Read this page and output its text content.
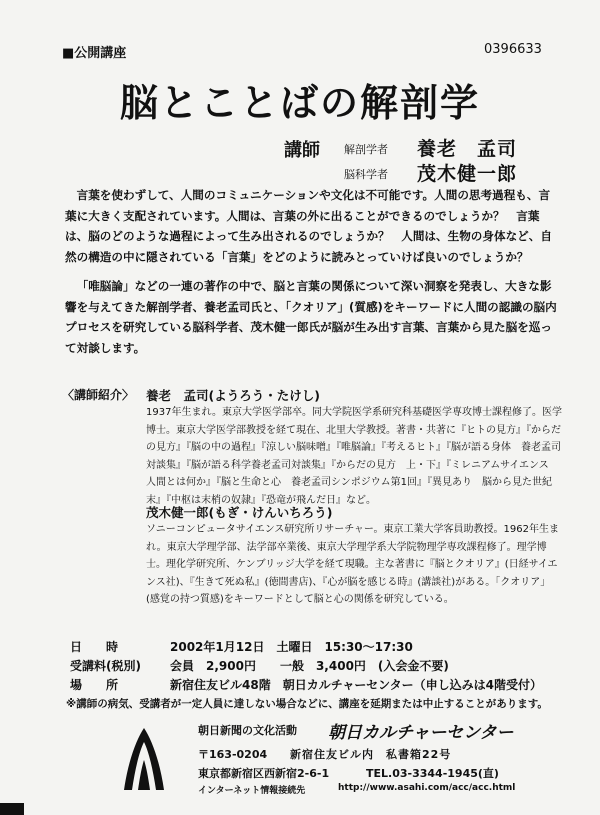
■公開講座	0396633
脳とことばの解剖学
講師 解剖学者 養老　孟司
脳科学者 茂木健一郎
言葉を使わずして、人間のコミュニケーションや文化は不可能です。人間の思考過程も、言葉に大きく支配されています。人間は、言葉の外に出ることができるのでしょうか？　言葉は、脳のどのような過程によって生み出されるのでしょうか？　人間は、生物の身体など、自然の構造の中に隠されている「言葉」をどのように読みとっていけば良いのでしょうか？
「唯脳論」などの一連の著作の中で、脳と言葉の関係について深い洞察を発表し、大きな影響を与えてきた解剖学者、養老孟司氏と、「クオリア」(質感)をキーワードに人間の認識の脳内プロセスを研究している脳科学者、茂木健一郎氏が脳が生み出す言葉、言葉から見た脳を巡って対談します。
〈講師紹介〉 養老　孟司(ようろう・たけし)
1937年生まれ。東京大学医学部卒。同大学院医学系研究科基礎医学専攻博士課程修了。医学博士。東京大学医学部教授を経て現在、北里大学教授。著書・共著に『ヒトの見方』『からだの見方』『脳の中の過程』『涼しい脳味噌』『唯脳論』『考えるヒト』『脳が語る身体　養老孟司対談集』『脳が語る科学養老孟司対談集』『からだの見方　上・下』『ミレニアムサイエンス　人間とは何か』『脳と生命と心　養老孟司シンポジウム第1回』『異見あり　脳から見た世紀末』『中枢は末梢の奴隷』『恐竜が飛んだ日』など。
茂木健一郎(もぎ・けんいちろう)
ソニーコンピュータサイエンス研究所リサーチャー。東京工業大学客員助教授。1962年生まれ。東京大学理学部、法学部卒業後、東京大学理学系大学院物理学専攻課程修了。理学博士。理化学研究所、ケンブリッジ大学を経て現職。主な著書に『脳とクオリア』(日経サイエンス社)、『生きて死ぬ私』(徳間書店)、『心が脳を感じる時』(講談社)がある。「クオリア」(感覚の持つ質感)をキーワードとして脳と心の関係を研究している。
日　　時	2002年1月12日　土曜日　15:30～17:30
受講料(税別) 会員　2,900円　　一般　3,400円　(入会金不要)
場　　所	新宿住友ビル48階　朝日カルチャーセンター（申し込みは4階受付）
※講師の病気、受講者が一定人員に達しない場合などに、講座を延期または中止することがあります。
朝日新聞の文化活動 朝日カルチャーセンター
〒163-0204 新宿住友ビル内　私書箱22号
東京都新宿区西新宿2-6-1	TEL.03-3344-1945(直)
インターネット情報接続先	http://www.asahi.com/acc/acc.html
